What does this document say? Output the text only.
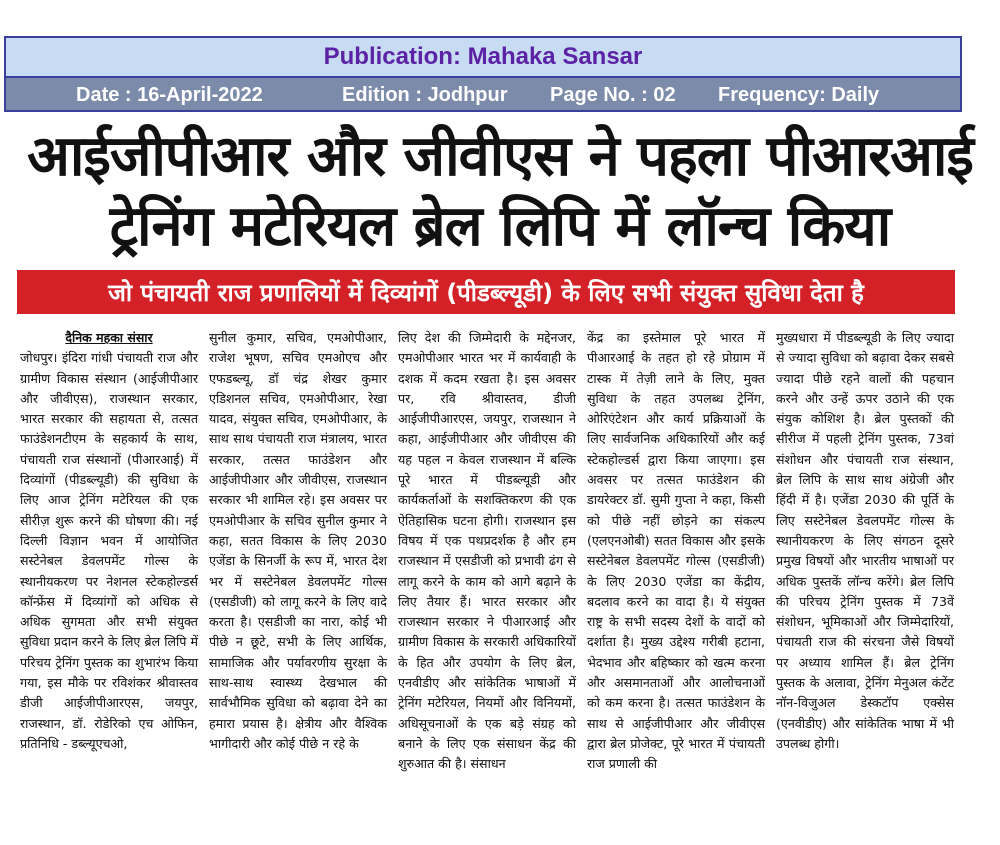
Publication: Mahaka Sansar
Date : 16-April-2022	Edition : Jodhpur Page No. : 02 Frequency: Daily
आईजीपीआर और जीवीएस ने पहला पीआरआई
ट्रेनिंग मटेरियल ब्रेल लिपि में लॉन्च किया
जो पंचायती राज प्रणालियों में दिव्यांगों (पीडब्ल्यूडी) के लिए सभी संयुक्त सुविधा देता है

दैनिक महका संसार

जोधपुर। इंदिरा गांधी पंचायती राज और ग्रामीण विकास संस्थान (आईजीपीआर और जीवीएस), राजस्थान सरकार, भारत सरकार की सहायता से, तत्सत फाउंडेशनटीएम के सहकार्य के साथ, पंचायती राज संस्थानों (पीआरआई) में दिव्यांगों (पीडब्ल्यूडी) की सुविधा के लिए आज ट्रेनिंग मटेरियल की एक सीरीज़ शुरू करने की घोषणा की। नई दिल्ली विज्ञान भवन में आयोजित सस्टेनेबल डेवलपमेंट गोल्स के स्थानीयकरण पर नेशनल स्टेकहोल्डर्स कॉन्फ्रेंस में दिव्यांगों को अधिक से अधिक सुगमता और सभी संयुक्त सुविधा प्रदान करने के लिए ब्रेल लिपि में परिचय ट्रेनिंग पुस्तक का शुभारंभ किया गया, इस मौके पर रविशंकर श्रीवास्तव डीजी आईजीपीआरएस, जयपुर, राजस्थान, डॉ. रोडेरिको एच ओफिन, प्रतिनिधि - डब्ल्यूएचओ,

सुनील कुमार, सचिव, एमओपीआर, राजेश भूषण, सचिव एमओएच और एफडब्ल्यू, डॉ चंद्र शेखर कुमार एडिशनल सचिव, एमओपीआर, रेखा यादव, संयुक्त सचिव, एमओपीआर, के साथ साथ पंचायती राज मंत्रालय, भारत सरकार, तत्सत फाउंडेशन और आईजीपीआर और जीवीएस, राजस्थान सरकार भी शामिल रहे। इस अवसर पर एमओपीआर के सचिव सुनील कुमार ने कहा, सतत विकास के लिए 2030 एजेंडा के सिनर्जी के रूप में, भारत देश भर में सस्टेनेबल डेवलपमेंट गोल्स (एसडीजी) को लागू करने के लिए वादे करता है। एसडीजी का नारा, कोई भी पीछे न छूटे, सभी के लिए आर्थिक, सामाजिक और पर्यावरणीय सुरक्षा के साथ-साथ स्वास्थ्य देखभाल की सार्वभौमिक सुविधा को बढ़ावा देने का हमारा प्रयास है। क्षेत्रीय और वैश्विक भागीदारी और कोई पीछे न रहे के

लिए देश की जिम्मेदारी के मद्देनजर, एमओपीआर भारत भर में कार्यवाही के दशक में कदम रखता है। इस अवसर पर, रवि श्रीवास्तव, डीजी आईजीपीआरएस, जयपुर, राजस्थान ने कहा, आईजीपीआर और जीवीएस की यह पहल न केवल राजस्थान में बल्कि पूरे भारत में पीडब्ल्यूडी और कार्यकर्ताओं के सशक्तिकरण की एक ऐतिहासिक घटना होगी। राजस्थान इस विषय में एक पथप्रदर्शक है और हम राजस्थान में एसडीजी को प्रभावी ढंग से लागू करने के काम को आगे बढ़ाने के लिए तैयार हैं। भारत सरकार और राजस्थान सरकार ने पीआरआई और ग्रामीण विकास के सरकारी अधिकारियों के हित और उपयोग के लिए ब्रेल, एनवीडीए और सांकेतिक भाषाओं में ट्रेनिंग मटेरियल, नियमों और विनियमों, अधिसूचनाओं के एक बड़े संग्रह को बनाने के लिए एक संसाधन केंद्र की शुरुआत की है। संसाधन

केंद्र का इस्तेमाल पूरे भारत में पीआरआई के तहत हो रहे प्रोग्राम में टास्क में तेज़ी लाने के लिए, मुक्त सुविधा के तहत उपलब्ध ट्रेनिंग, ओरिएंटेशन और कार्य प्रक्रियाओं के लिए सार्वजनिक अधिकारियों और कई स्टेकहोल्डर्स द्वारा किया जाएगा। इस अवसर पर तत्सत फाउंडेशन की डायरेक्टर डॉ. सुमी गुप्ता ने कहा, किसी को पीछे नहीं छोड़ने का संकल्प (एलएनओबी) सतत विकास और इसके सस्टेनेबल डेवलपमेंट गोल्स (एसडीजी) के लिए 2030 एजेंडा का केंद्रीय, बदलाव करने का वादा है। ये संयुक्त राष्ट्र के सभी सदस्य देशों के वादों को दर्शाता है। मुख्य उद्देश्य गरीबी हटाना, भेदभाव और बहिष्कार को खत्म करना और असमानताओं और आलोचनाओं को कम करना है। तत्सत फाउंडेशन के साथ से आईजीपीआर और जीवीएस द्वारा ब्रेल प्रोजेक्ट, पूरे भारत में पंचायती राज प्रणाली की

मुख्यधारा में पीडब्ल्यूडी के लिए ज्यादा से ज्यादा सुविधा को बढ़ावा देकर सबसे ज्यादा पीछे रहने वालों की पहचान करने और उन्हें ऊपर उठाने की एक संयुक कोशिश है। ब्रेल पुस्तकों की सीरीज में पहली ट्रेनिंग पुस्तक, 73वां संशोधन और पंचायती राज संस्थान, ब्रेल लिपि के साथ साथ अंग्रेजी और हिंदी में है। एजेंडा 2030 की पूर्ति के लिए सस्टेनेबल डेवलपमेंट गोल्स के स्थानीयकरण के लिए संगठन दूसरे प्रमुख विषयों और भारतीय भाषाओं पर अधिक पुस्तकें लॉन्च करेंगे। ब्रेल लिपि की परिचय ट्रेनिंग पुस्तक में 73वें संशोधन, भूमिकाओं और जिम्मेदारियों, पंचायती राज की संरचना जैसे विषयों पर अध्याय शामिल हैं। ब्रेल ट्रेनिंग पुस्तक के अलावा, ट्रेनिंग मेनुअल कंटेंट नॉन-विजुअल डेस्कटॉप एक्सेस (एनवीडीए) और सांकेतिक भाषा में भी उपलब्ध होगी।
